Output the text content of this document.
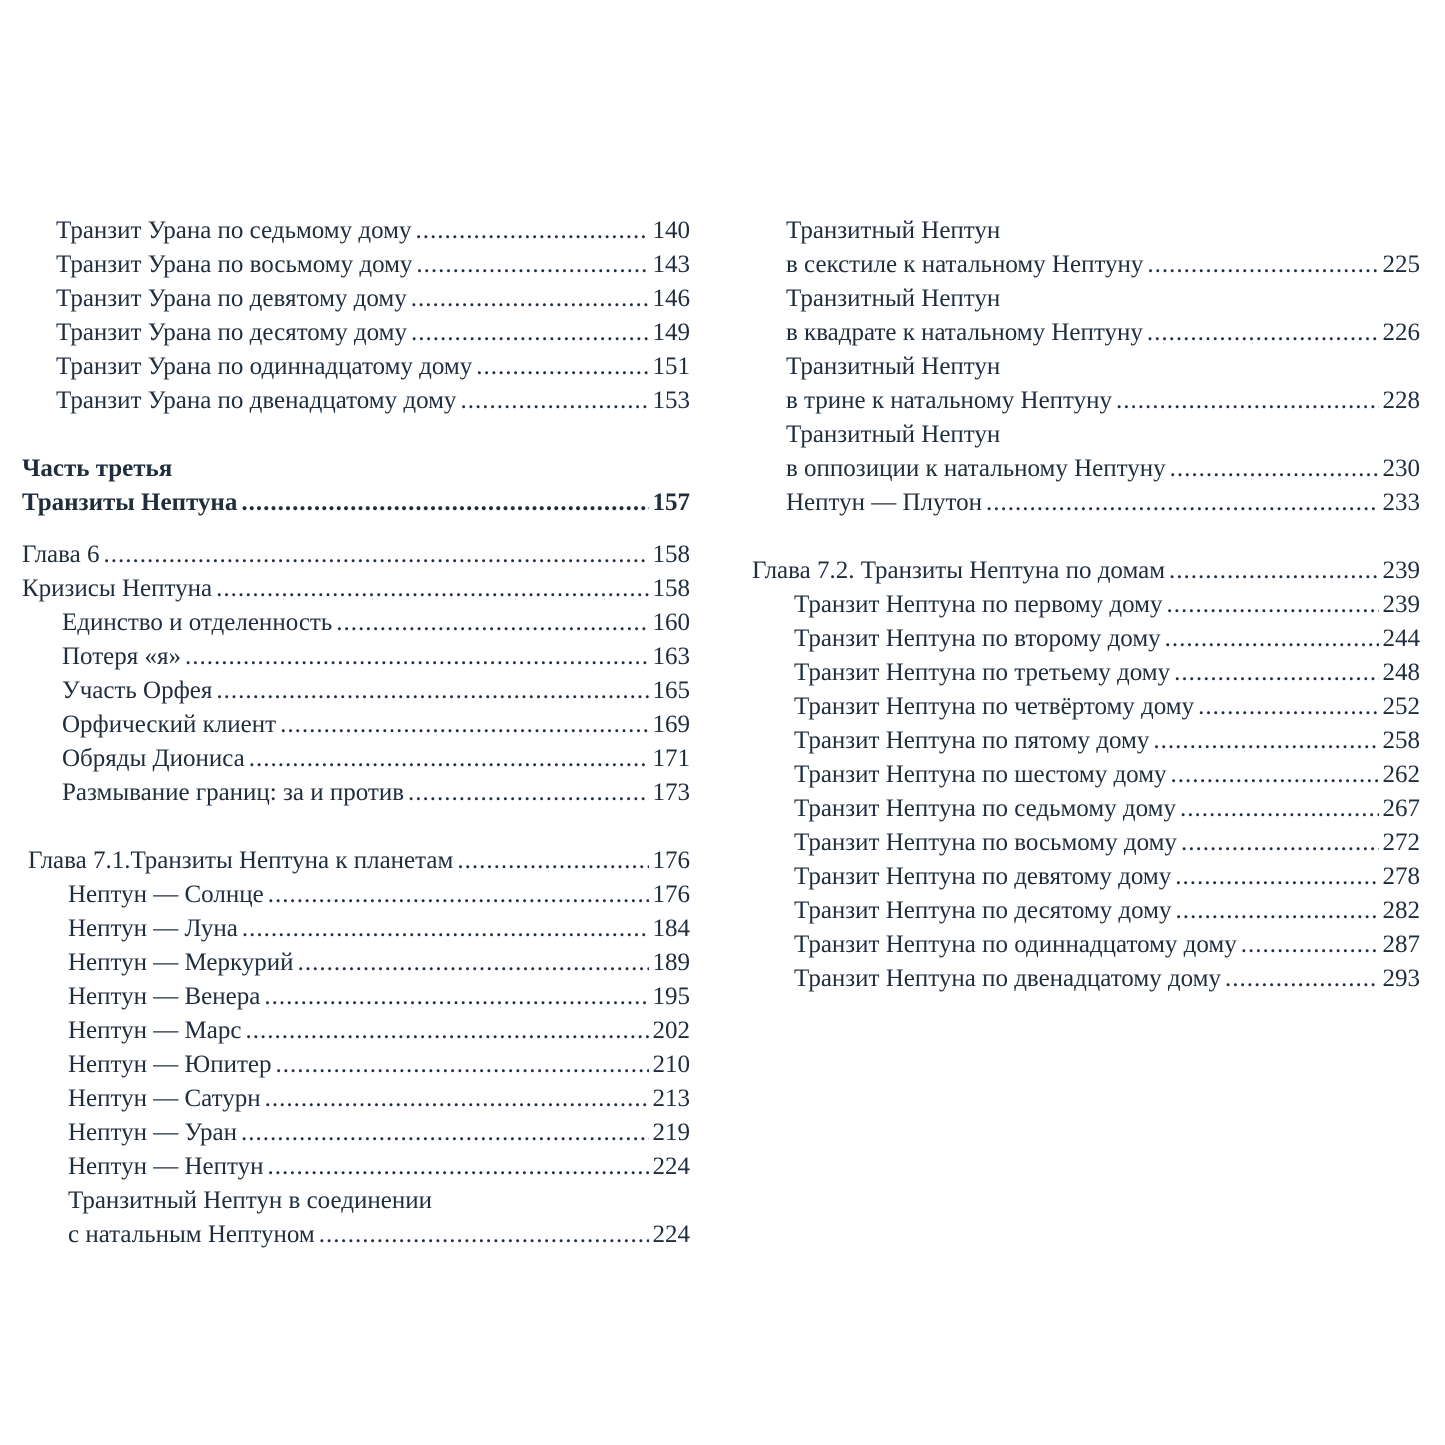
Транзит Урана по седьмому дому .....	140
Транзит Урана по восьмому дому .....	143
Транзит Урана по девятому дому .....	146
Транзит Урана по десятому дому .....	149
Транзит Урана по одиннадцатому дому .....	151
Транзит Урана по двенадцатому дому .....	153
Часть третья
Транзиты Нептуна .....	157
Глава 6 .....	158
Кризисы Нептуна .....	158
Единство и отделенность .....	160
Потеря «я» .....	163
Участь Орфея .....	165
Орфический клиент .....	169
Обряды Диониса .....	171
Размывание границ: за и против .....	173
Глава 7.1.Транзиты Нептуна к планетам .....	176
Нептун — Солнце .....	176
Нептун — Луна .....	184
Нептун — Меркурий .....	189
Нептун — Венера .....	195
Нептун — Марс .....	202
Нептун — Юпитер .....	210
Нептун — Сатурн .....	213
Нептун — Уран .....	219
Нептун — Нептун .....	224
Транзитный Нептун в соединении
с натальным Нептуном .....	224
Транзитный Нептун
в секстиле к натальному Нептуну .....	225
Транзитный Нептун
в квадрате к натальному Нептуну .....	226
Транзитный Нептун
в трине к натальному Нептуну .....	228
Транзитный Нептун
в оппозиции к натальному Нептуну .....	230
Нептун — Плутон .....	233
Глава 7.2. Транзиты Нептуна по домам .....	239
Транзит Нептуна по первому дому .....	239
Транзит Нептуна по второму дому .....	244
Транзит Нептуна по третьему дому .....	248
Транзит Нептуна по четвёртому дому .....	252
Транзит Нептуна по пятому дому .....	258
Транзит Нептуна по шестому дому .....	262
Транзит Нептуна по седьмому дому .....	267
Транзит Нептуна по восьмому дому .....	272
Транзит Нептуна по девятому дому .....	278
Транзит Нептуна по десятому дому .....	282
Транзит Нептуна по одиннадцатому дому .....	287
Транзит Нептуна по двенадцатому дому .....	293
